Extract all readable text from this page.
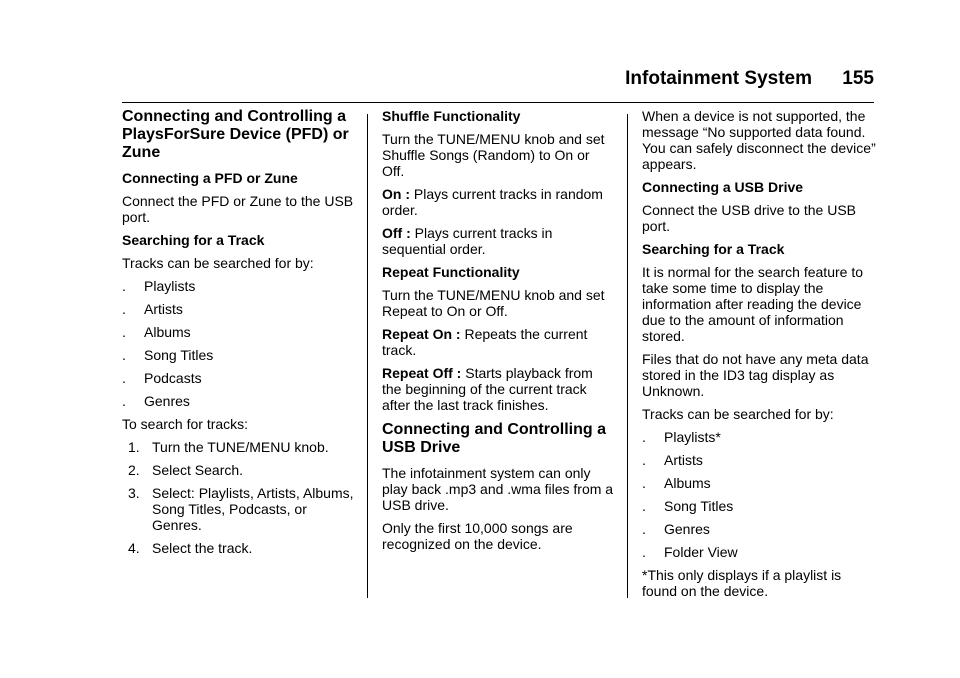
Infotainment System 155
Connecting and Controlling a PlaysForSure Device (PFD) or Zune
Connecting a PFD or Zune
Connect the PFD or Zune to the USB port.
Searching for a Track
Tracks can be searched for by:
. Playlists
. Artists
. Albums
. Song Titles
. Podcasts
. Genres
To search for tracks:
1. Turn the TUNE/MENU knob.
2. Select Search.
3. Select: Playlists, Artists, Albums, Song Titles, Podcasts, or Genres.
4. Select the track.
Shuffle Functionality
Turn the TUNE/MENU knob and set Shuffle Songs (Random) to On or Off.
On : Plays current tracks in random order.
Off : Plays current tracks in sequential order.
Repeat Functionality
Turn the TUNE/MENU knob and set Repeat to On or Off.
Repeat On : Repeats the current track.
Repeat Off : Starts playback from the beginning of the current track after the last track finishes.
Connecting and Controlling a USB Drive
The infotainment system can only play back .mp3 and .wma files from a USB drive.
Only the first 10,000 songs are recognized on the device.
When a device is not supported, the message “No supported data found. You can safely disconnect the device” appears.
Connecting a USB Drive
Connect the USB drive to the USB port.
Searching for a Track
It is normal for the search feature to take some time to display the information after reading the device due to the amount of information stored.
Files that do not have any meta data stored in the ID3 tag display as Unknown.
Tracks can be searched for by:
. Playlists*
. Artists
. Albums
. Song Titles
. Genres
. Folder View
*This only displays if a playlist is found on the device.
